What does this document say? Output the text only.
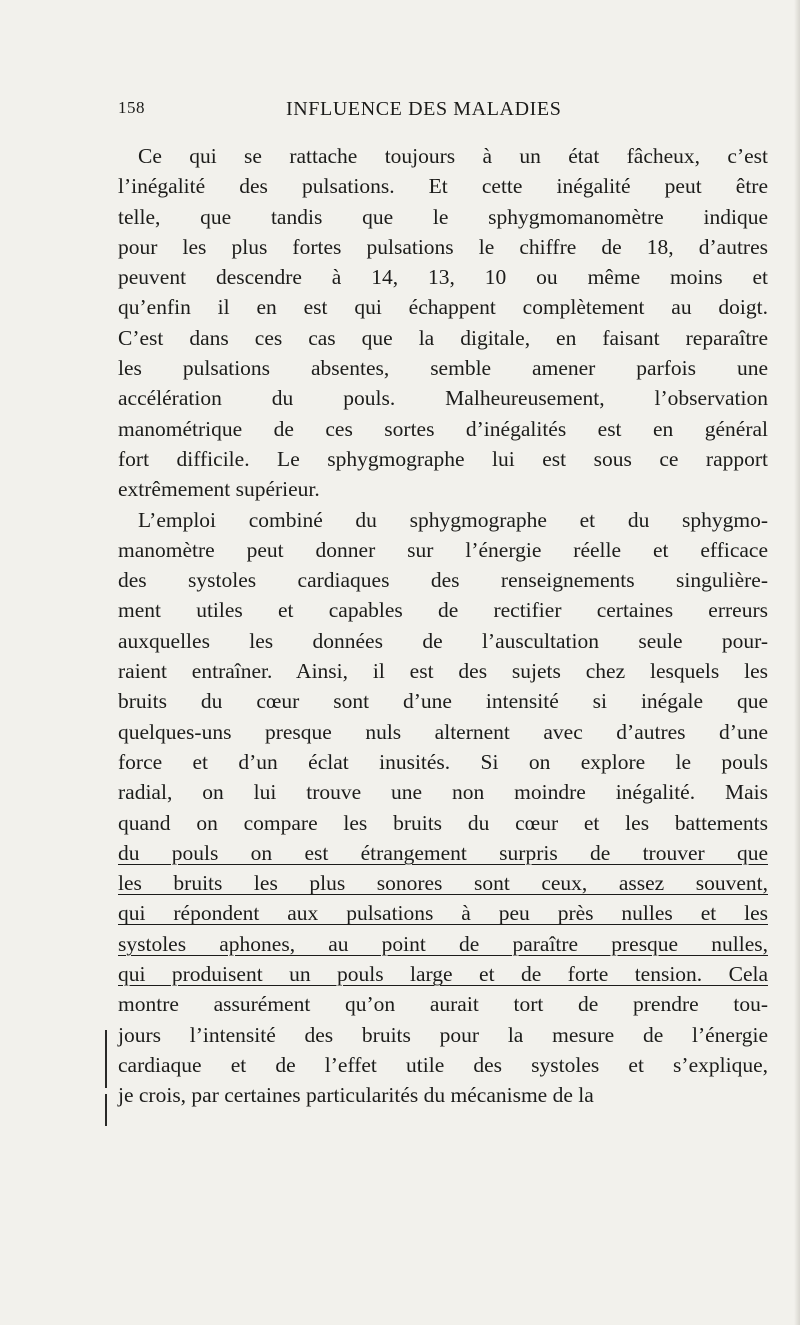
158	INFLUENCE DES MALADIES
Ce qui se rattache toujours à un état fâcheux, c’est
l’inégalité des pulsations. Et cette inégalité peut être
telle, que tandis que le sphygmomanomètre indique
pour les plus fortes pulsations le chiffre de 18, d’autres
peuvent descendre à 14, 13, 10 ou même moins et
qu’enfin il en est qui échappent complètement au doigt.
C’est dans ces cas que la digitale, en faisant reparaître
les pulsations absentes, semble amener parfois une
accélération du pouls. Malheureusement, l’observation
manométrique de ces sortes d’inégalités est en général
fort difficile. Le sphygmographe lui est sous ce rapport
extrêmement supérieur.
L’emploi combiné du sphygmographe et du sphygmo-
manomètre peut donner sur l’énergie réelle et efficace
des systoles cardiaques des renseignements singulière-
ment utiles et capables de rectifier certaines erreurs
auxquelles les données de l’auscultation seule pour-
raient entraîner. Ainsi, il est des sujets chez lesquels les
bruits du cœur sont d’une intensité si inégale que
quelques-uns presque nuls alternent avec d’autres d’une
force et d’un éclat inusités. Si on explore le pouls
radial, on lui trouve une non moindre inégalité. Mais
quand on compare les bruits du cœur et les battements
du pouls on est étrangement surpris de trouver que
les bruits les plus sonores sont ceux, assez souvent,
qui répondent aux pulsations à peu près nulles et les
systoles aphones, au point de paraître presque nulles,
qui produisent un pouls large et de forte tension. Cela
montre assurément qu’on aurait tort de prendre tou-
jours l’intensité des bruits pour la mesure de l’énergie
cardiaque et de l’effet utile des systoles et s’explique,
je crois, par certaines particularités du mécanisme de la
